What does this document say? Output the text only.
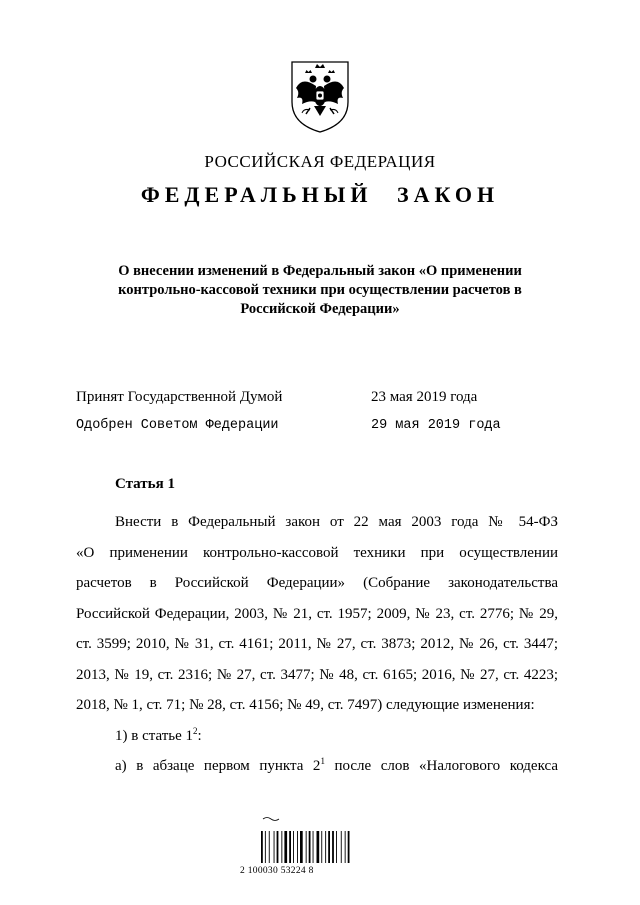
РОССИЙСКАЯ ФЕДЕРАЦИЯ
ФЕДЕРАЛЬНЫЙ ЗАКОН
О внесении изменений в Федеральный закон «О применении контрольно-кассовой техники при осуществлении расчетов в Российской Федерации»
Принят Государственной Думой	23 мая 2019 года
Одобрен Советом Федерации	29 мая 2019 года
Статья 1
Внести в Федеральный закон от 22 мая 2003 года № 54-ФЗ
«О применении контрольно-кассовой техники при осуществлении
расчетов в Российской Федерации» (Собрание законодательства
Российской Федерации, 2003, № 21, ст. 1957; 2009, № 23, ст. 2776; № 29,
ст. 3599; 2010, № 31, ст. 4161; 2011, № 27, ст. 3873; 2012, № 26, ст. 3447;
2013, № 19, ст. 2316; № 27, ст. 3477; № 48, ст. 6165; 2016, № 27, ст. 4223;
2018, № 1, ст. 71; № 28, ст. 4156; № 49, ст. 7497) следующие изменения:
1) в статье $1^2$:
а) в абзаце первом пункта $2^1$ после слов «Налогового кодекса
2 100030 53224 8
